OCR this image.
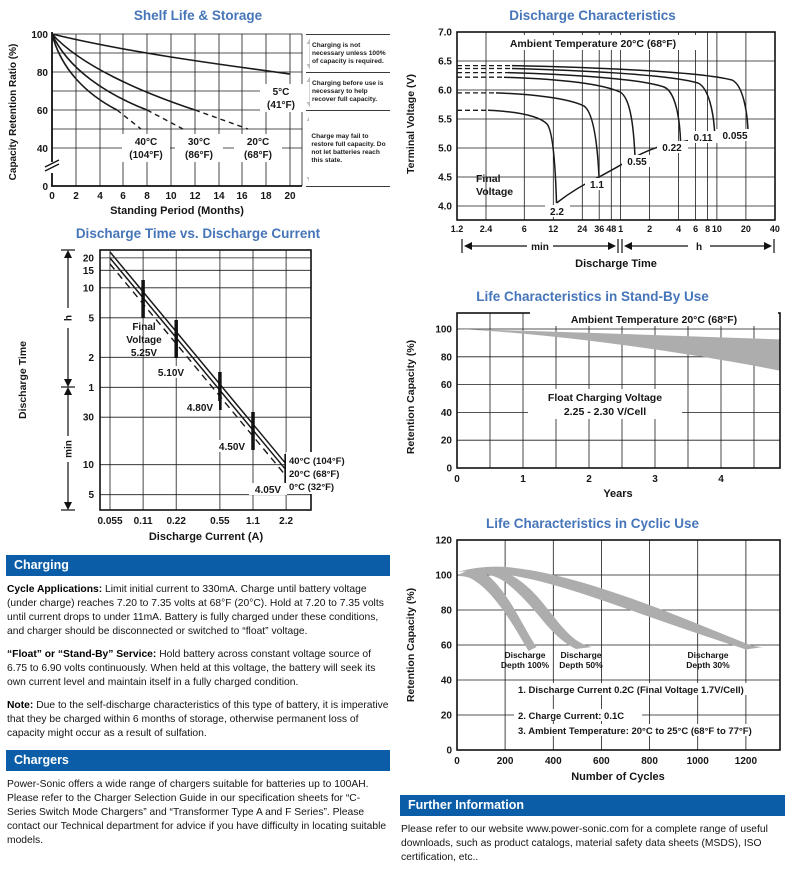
Shelf Life & Storage
Capacity Retention Ratio (%)	40°C
(104°F)
30°C
(86°F)
20°C
(68°F)
5°C
(41°F)
100
80
60
40
0
0 2 4 6 8 10 12 14 16 18 20
Standing Period (Months)
Charging is not necessary unless 100% of capacity is required.
Charging before use is necessary to help recover full capacity.
Charge may fail to restore full capacity. Do not let batteries reach this state.
Discharge Time vs. Discharge Current
Discharge Time
h
min
Final
Voltage
5.25V
5.10V
4.80V
4.50V
4.05V
40°C (104°F)
20°C (68°F)
0°C (32°F)
20
15
10
5
2
1
30
10
5
0.055 0.11 0.22 0.55 1.1 2.2
Discharge Current (A)
Charging
Cycle Applications: Limit initial current to 330mA. Charge until battery voltage (under charge) reaches 7.20 to 7.35 volts at 68°F (20°C). Hold at 7.20 to 7.35 volts until current drops to under 11mA. Battery is fully charged under these conditions, and charger should be disconnected or switched to “float” voltage.
“Float” or “Stand-By” Service: Hold battery across constant voltage source of 6.75 to 6.90 volts continuously. When held at this voltage, the battery will seek its own current level and maintain itself in a fully charged condition.
Note: Due to the self-discharge characteristics of this type of battery, it is imperative that they be charged within 6 months of storage, otherwise permanent loss of capacity might occur as a result of sulfation.
Chargers
Power-Sonic offers a wide range of chargers suitable for batteries up to 100AH. Please refer to the Charger Selection Guide in our specification sheets for “C-Series Switch Mode Chargers” and “Transformer Type A and F Series”. Please contact our Technical department for advice if you have difficulty in locating suitable models.
Discharge Characteristics
Terminal Voltage (V)
Ambient Temperature 20°C (68°F)
Final
Voltage
2.2
1.1
0.55
0.22
0.11 0.055
7.0
6.5
6.0
5.5
5.0
4.5
4.0
1.2 2.4	6 12 24 36 48 1	2	4 6 8 10 20 40
min	h
Discharge Time
Life Characteristics in Stand-By Use
Retention Capacity (%)
Ambient Temperature 20°C (68°F)
Float Charging Voltage
2.25 - 2.30 V/Cell
100
80
60
40
20
0
0	1	2	3	4
Years
Life Characteristics in Cyclic Use
Retention Capacity (%)	Discharge
Depth 100%
Discharge
Depth 50%
Discharge
Depth 30%
1. Discharge Current 0.2C (Final Voltage 1.7V/Cell)
2. Charge Current: 0.1C
3. Ambient Temperature: 20°C to 25°C (68°F to 77°F)
120
100
80
60
40
20
0
0	200	400	600	800	1000	1200
Number of Cycles
Further Information
Please refer to our website www.power-sonic.com for a complete range of useful downloads, such as product catalogs, material safety data sheets (MSDS), ISO certification, etc..
